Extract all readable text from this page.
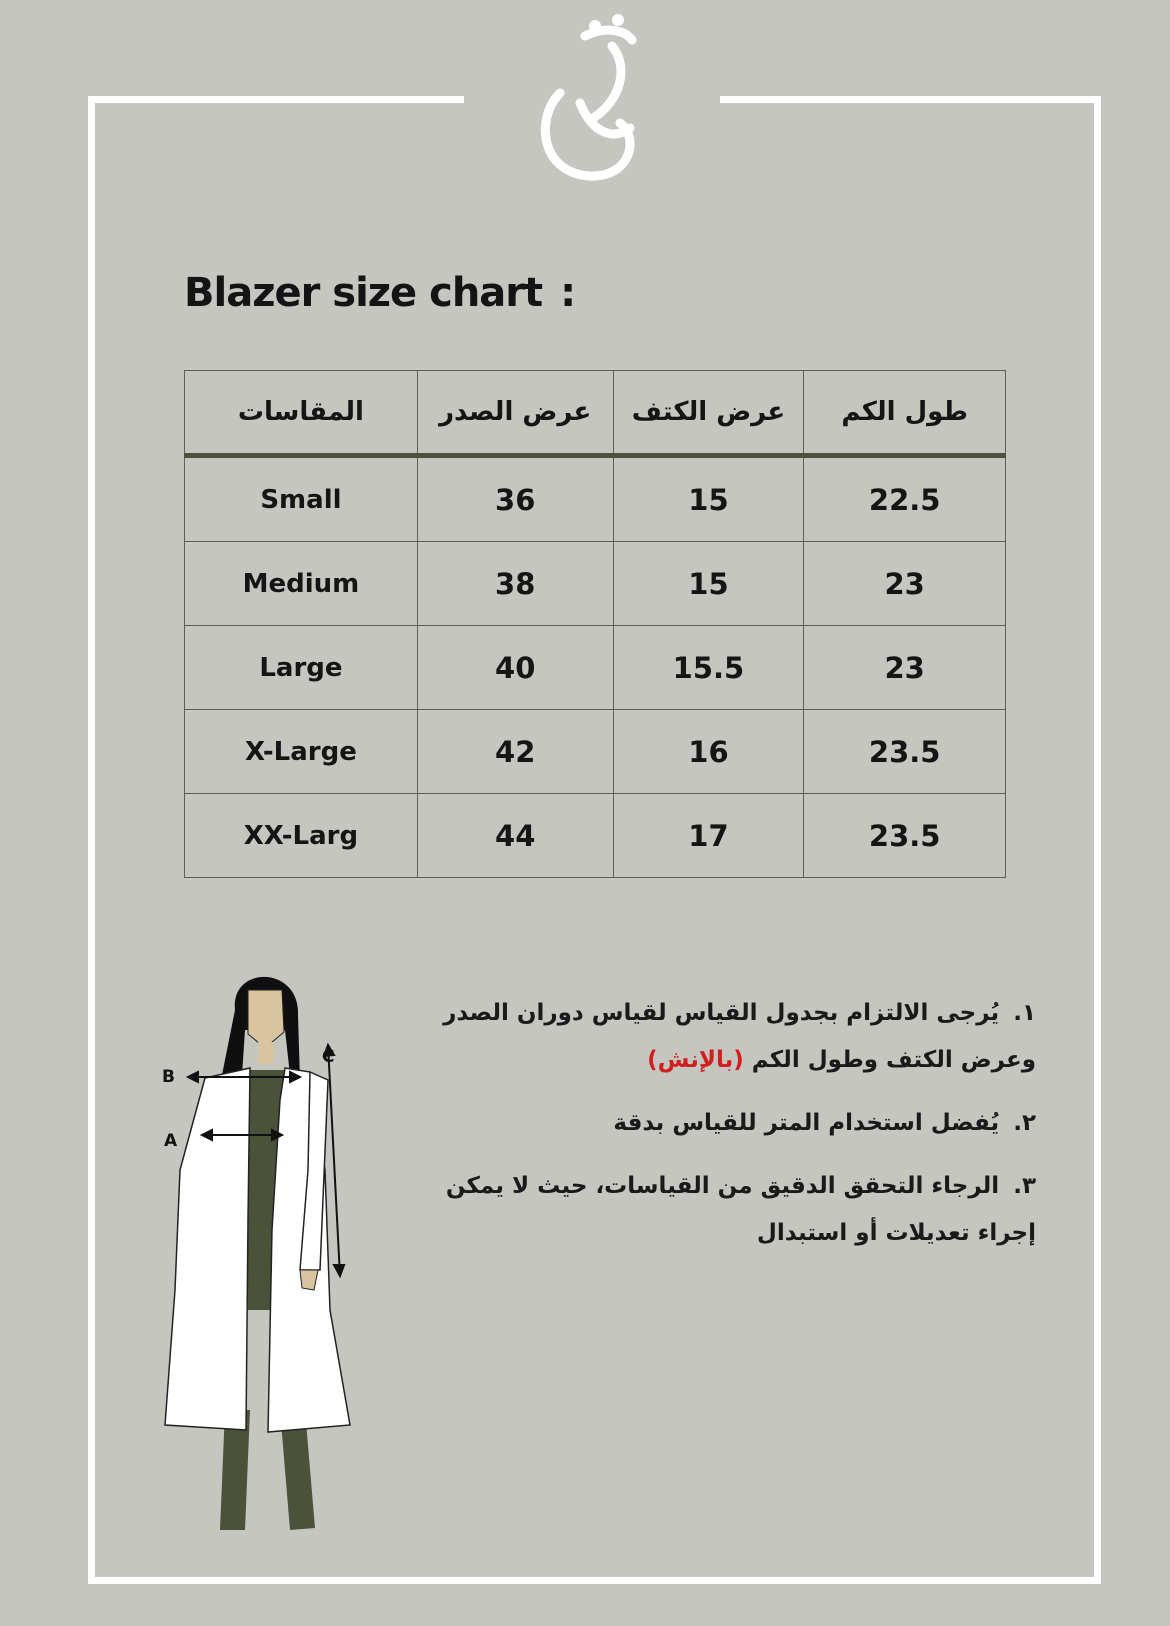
Blazer size chart :
المقاسات	عرض الصدر	عرض الكتف	طول الكم
Small	36	15	22.5
Medium	38	15	23
Large	40	15.5	23
X-Large	42	16	23.5
XX-Larg	44	17	23.5
B
A
C

١. يُرجى الالتزام بجدول القياس لقياس دوران الصدر وعرض الكتف وطول الكم (بالإنش)

٢. يُفضل استخدام المتر للقياس بدقة

٣. الرجاء التحقق الدقيق من القياسات، حيث لا يمكن إجراء تعديلات أو استبدال
